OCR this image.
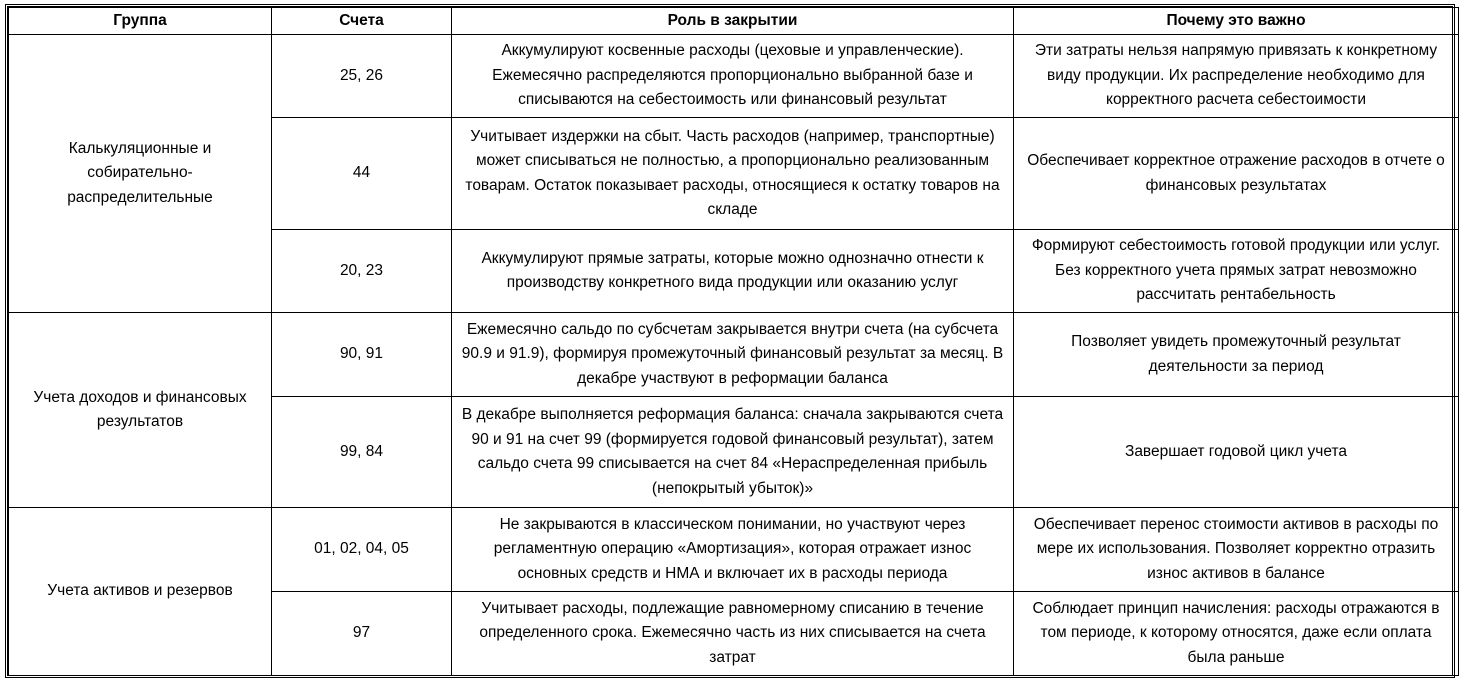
Группа	Счета	Роль в закрытии	Почему это важно
Калькуляционные и собирательно-распределительные	25, 26	Аккумулируют косвенные расходы (цеховые и управленческие). Ежемесячно распределяются пропорционально выбранной базе и списываются на себестоимость или финансовый результат	Эти затраты нельзя напрямую привязать к конкретному виду продукции. Их распределение необходимо для корректного расчета себестоимости
	44	Учитывает издержки на сбыт. Часть расходов (например, транспортные) может списываться не полностью, а пропорционально реализованным товарам. Остаток показывает расходы, относящиеся к остатку товаров на складе	Обеспечивает корректное отражение расходов в отчете о финансовых результатах
	20, 23	Аккумулируют прямые затраты, которые можно однозначно отнести к производству конкретного вида продукции или оказанию услуг	Формируют себестоимость готовой продукции или услуг. Без корректного учета прямых затрат невозможно рассчитать рентабельность
Учета доходов и финансовых результатов	90, 91	Ежемесячно сальдо по субсчетам закрывается внутри счета (на субсчета 90.9 и 91.9), формируя промежуточный финансовый результат за месяц. В декабре участвуют в реформации баланса	Позволяет увидеть промежуточный результат деятельности за период
	99, 84	В декабре выполняется реформация баланса: сначала закрываются счета 90 и 91 на счет 99 (формируется годовой финансовый результат), затем сальдо счета 99 списывается на счет 84 «Нераспределенная прибыль (непокрытый убыток)»	Завершает годовой цикл учета
Учета активов и резервов	01, 02, 04, 05	Не закрываются в классическом понимании, но участвуют через регламентную операцию «Амортизация», которая отражает износ основных средств и НМА и включает их в расходы периода	Обеспечивает перенос стоимости активов в расходы по мере их использования. Позволяет корректно отразить износ активов в балансе
	97	Учитывает расходы, подлежащие равномерному списанию в течение определенного срока. Ежемесячно часть из них списывается на счета затрат	Соблюдает принцип начисления: расходы отражаются в том периоде, к которому относятся, даже если оплата была раньше
